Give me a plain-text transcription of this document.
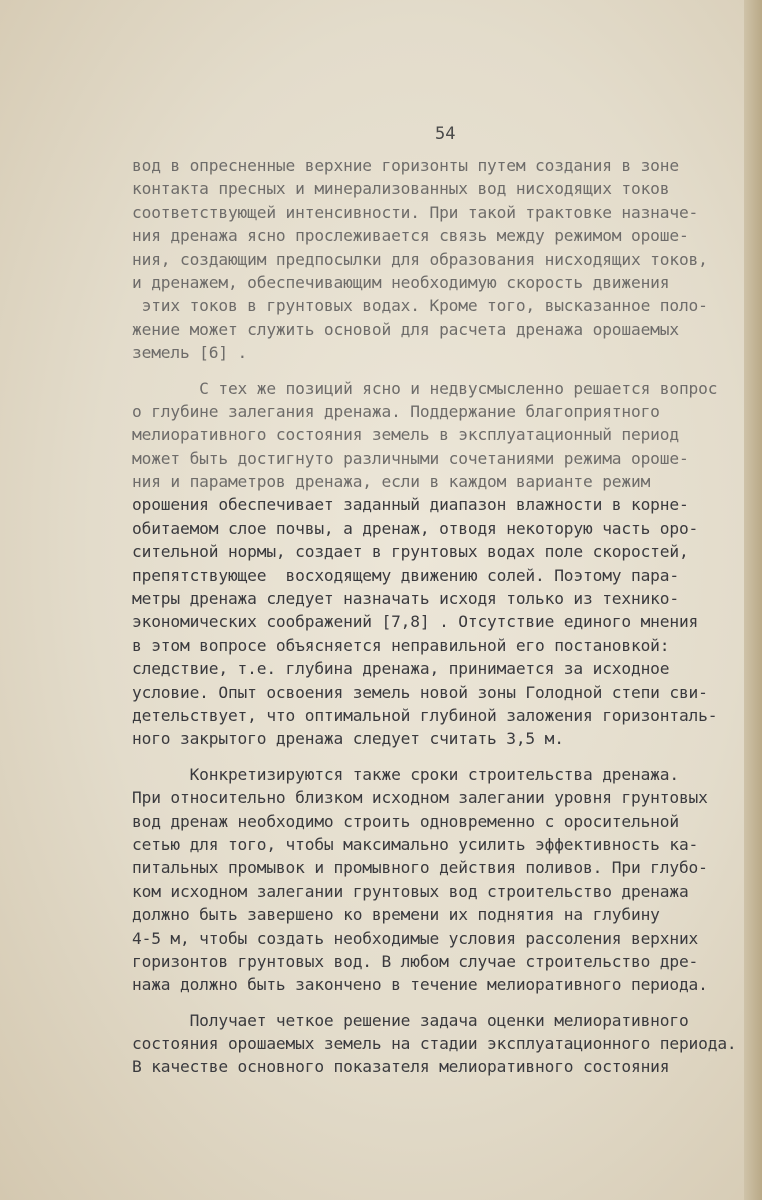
54
вод в опресненные верхние горизонты путем создания в зоне
контакта пресных и минерализованных вод нисходящих токов
соответствующей интенсивности. При такой трактовке назначе-
ния дренажа ясно прослеживается связь между режимом ороше-
ния, создающим предпосылки для образования нисходящих токов,
и дренажем, обеспечивающим необходимую скорость движения
этих токов в грунтовых водах. Кроме того, высказанное поло-
жение может служить основой для расчета дренажа орошаемых
земель [6] .
С тех же позиций ясно и недвусмысленно решается вопрос
о глубине залегания дренажа. Поддержание благоприятного
мелиоративного состояния земель в эксплуатационный период
может быть достигнуто различными сочетаниями режима ороше-
ния и параметров дренажа, если в каждом варианте режим
орошения обеспечивает заданный диапазон влажности в корне-
обитаемом слое почвы, а дренаж, отводя некоторую часть оро-
сительной нормы, создает в грунтовых водах поле скоростей,
препятствующее  восходящему движению солей. Поэтому пара-
метры дренажа следует назначать исходя только из технико-
экономических соображений [7,8] . Отсутствие единого мнения
в этом вопросе объясняется неправильной его постановкой:
следствие, т.е. глубина дренажа, принимается за исходное
условие. Опыт освоения земель новой зоны Голодной степи сви-
детельствует, что оптимальной глубиной заложения горизонталь-
ного закрытого дренажа следует считать 3,5 м.
Конкретизируются также сроки строительства дренажа.
При относительно близком исходном залегании уровня грунтовых
вод дренаж необходимо строить одновременно с оросительной
сетью для того, чтобы максимально усилить эффективность ка-
питальных промывок и промывного действия поливов. При глубо-
ком исходном залегании грунтовых вод строительство дренажа
должно быть завершено ко времени их поднятия на глубину
4-5 м, чтобы создать необходимые условия рассоления верхних
горизонтов грунтовых вод. В любом случае строительство дре-
нажа должно быть закончено в течение мелиоративного периода.
Получает четкое решение задача оценки мелиоративного
состояния орошаемых земель на стадии эксплуатационного периода.
В качестве основного показателя мелиоративного состояния
